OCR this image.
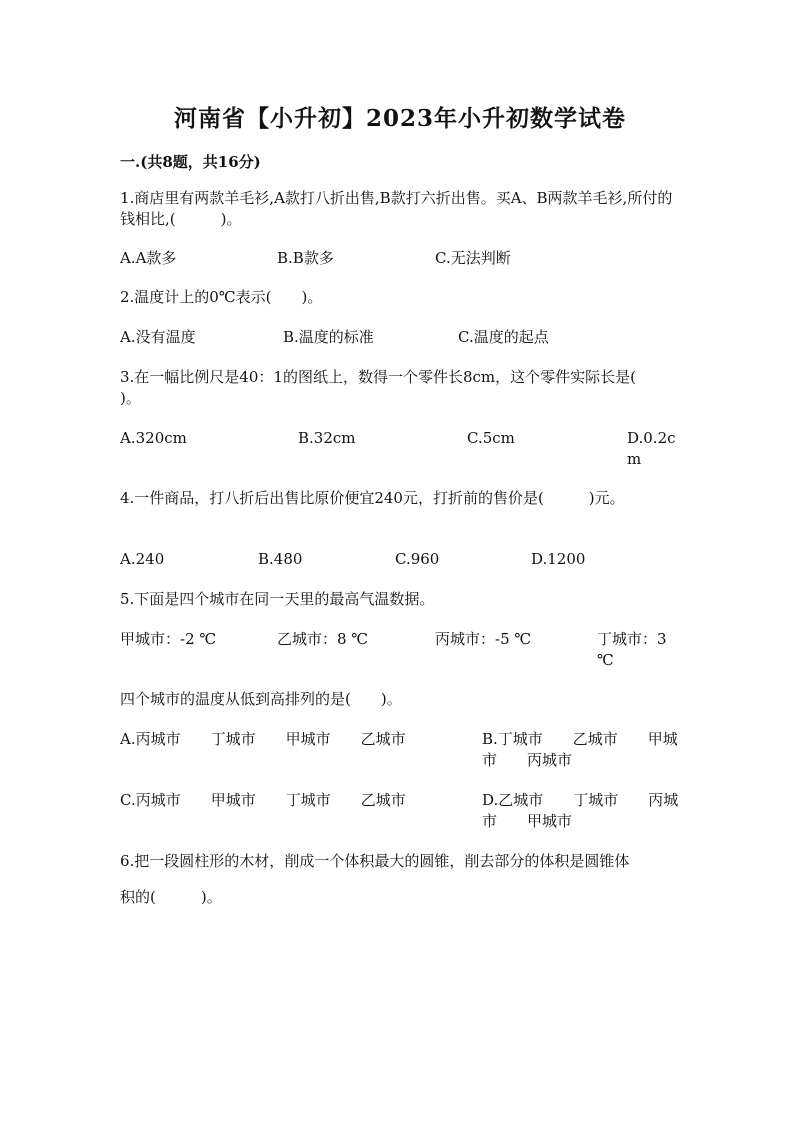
河南省【小升初】2023年小升初数学试卷
一.(共8题，共16分)
1.商店里有两款羊毛衫,A款打八折出售,B款打六折出售。买A、B两款羊毛衫,所付的钱相比,(　　　)。
A.A款多	B.B款多	C.无法判断
2.温度计上的0℃表示(　　)。
A.没有温度	B.温度的标准	C.温度的起点
3.在一幅比例尺是40：1的图纸上，数得一个零件长8cm，这个零件实际长是(　　)。
A.320cm	B.32cm	C.5cm	D.0.2cm
4.一件商品，打八折后出售比原价便宜240元，打折前的售价是(　　　)元。
A.240	B.480	C.960	D.1200
5.下面是四个城市在同一天里的最高气温数据。
甲城市：-2 ℃	乙城市：8 ℃	丙城市：-5 ℃	丁城市：3 ℃
四个城市的温度从低到高排列的是(　　)。
A.丙城市　　丁城市　　甲城市　　乙城市	B.丁城市　　乙城市　　甲城市　　丙城市
C.丙城市　　甲城市　　丁城市　　乙城市	D.乙城市　　丁城市　　丙城市　　甲城市
6.把一段圆柱形的木材，削成一个体积最大的圆锥，削去部分的体积是圆锥体
积的(　　　)。
